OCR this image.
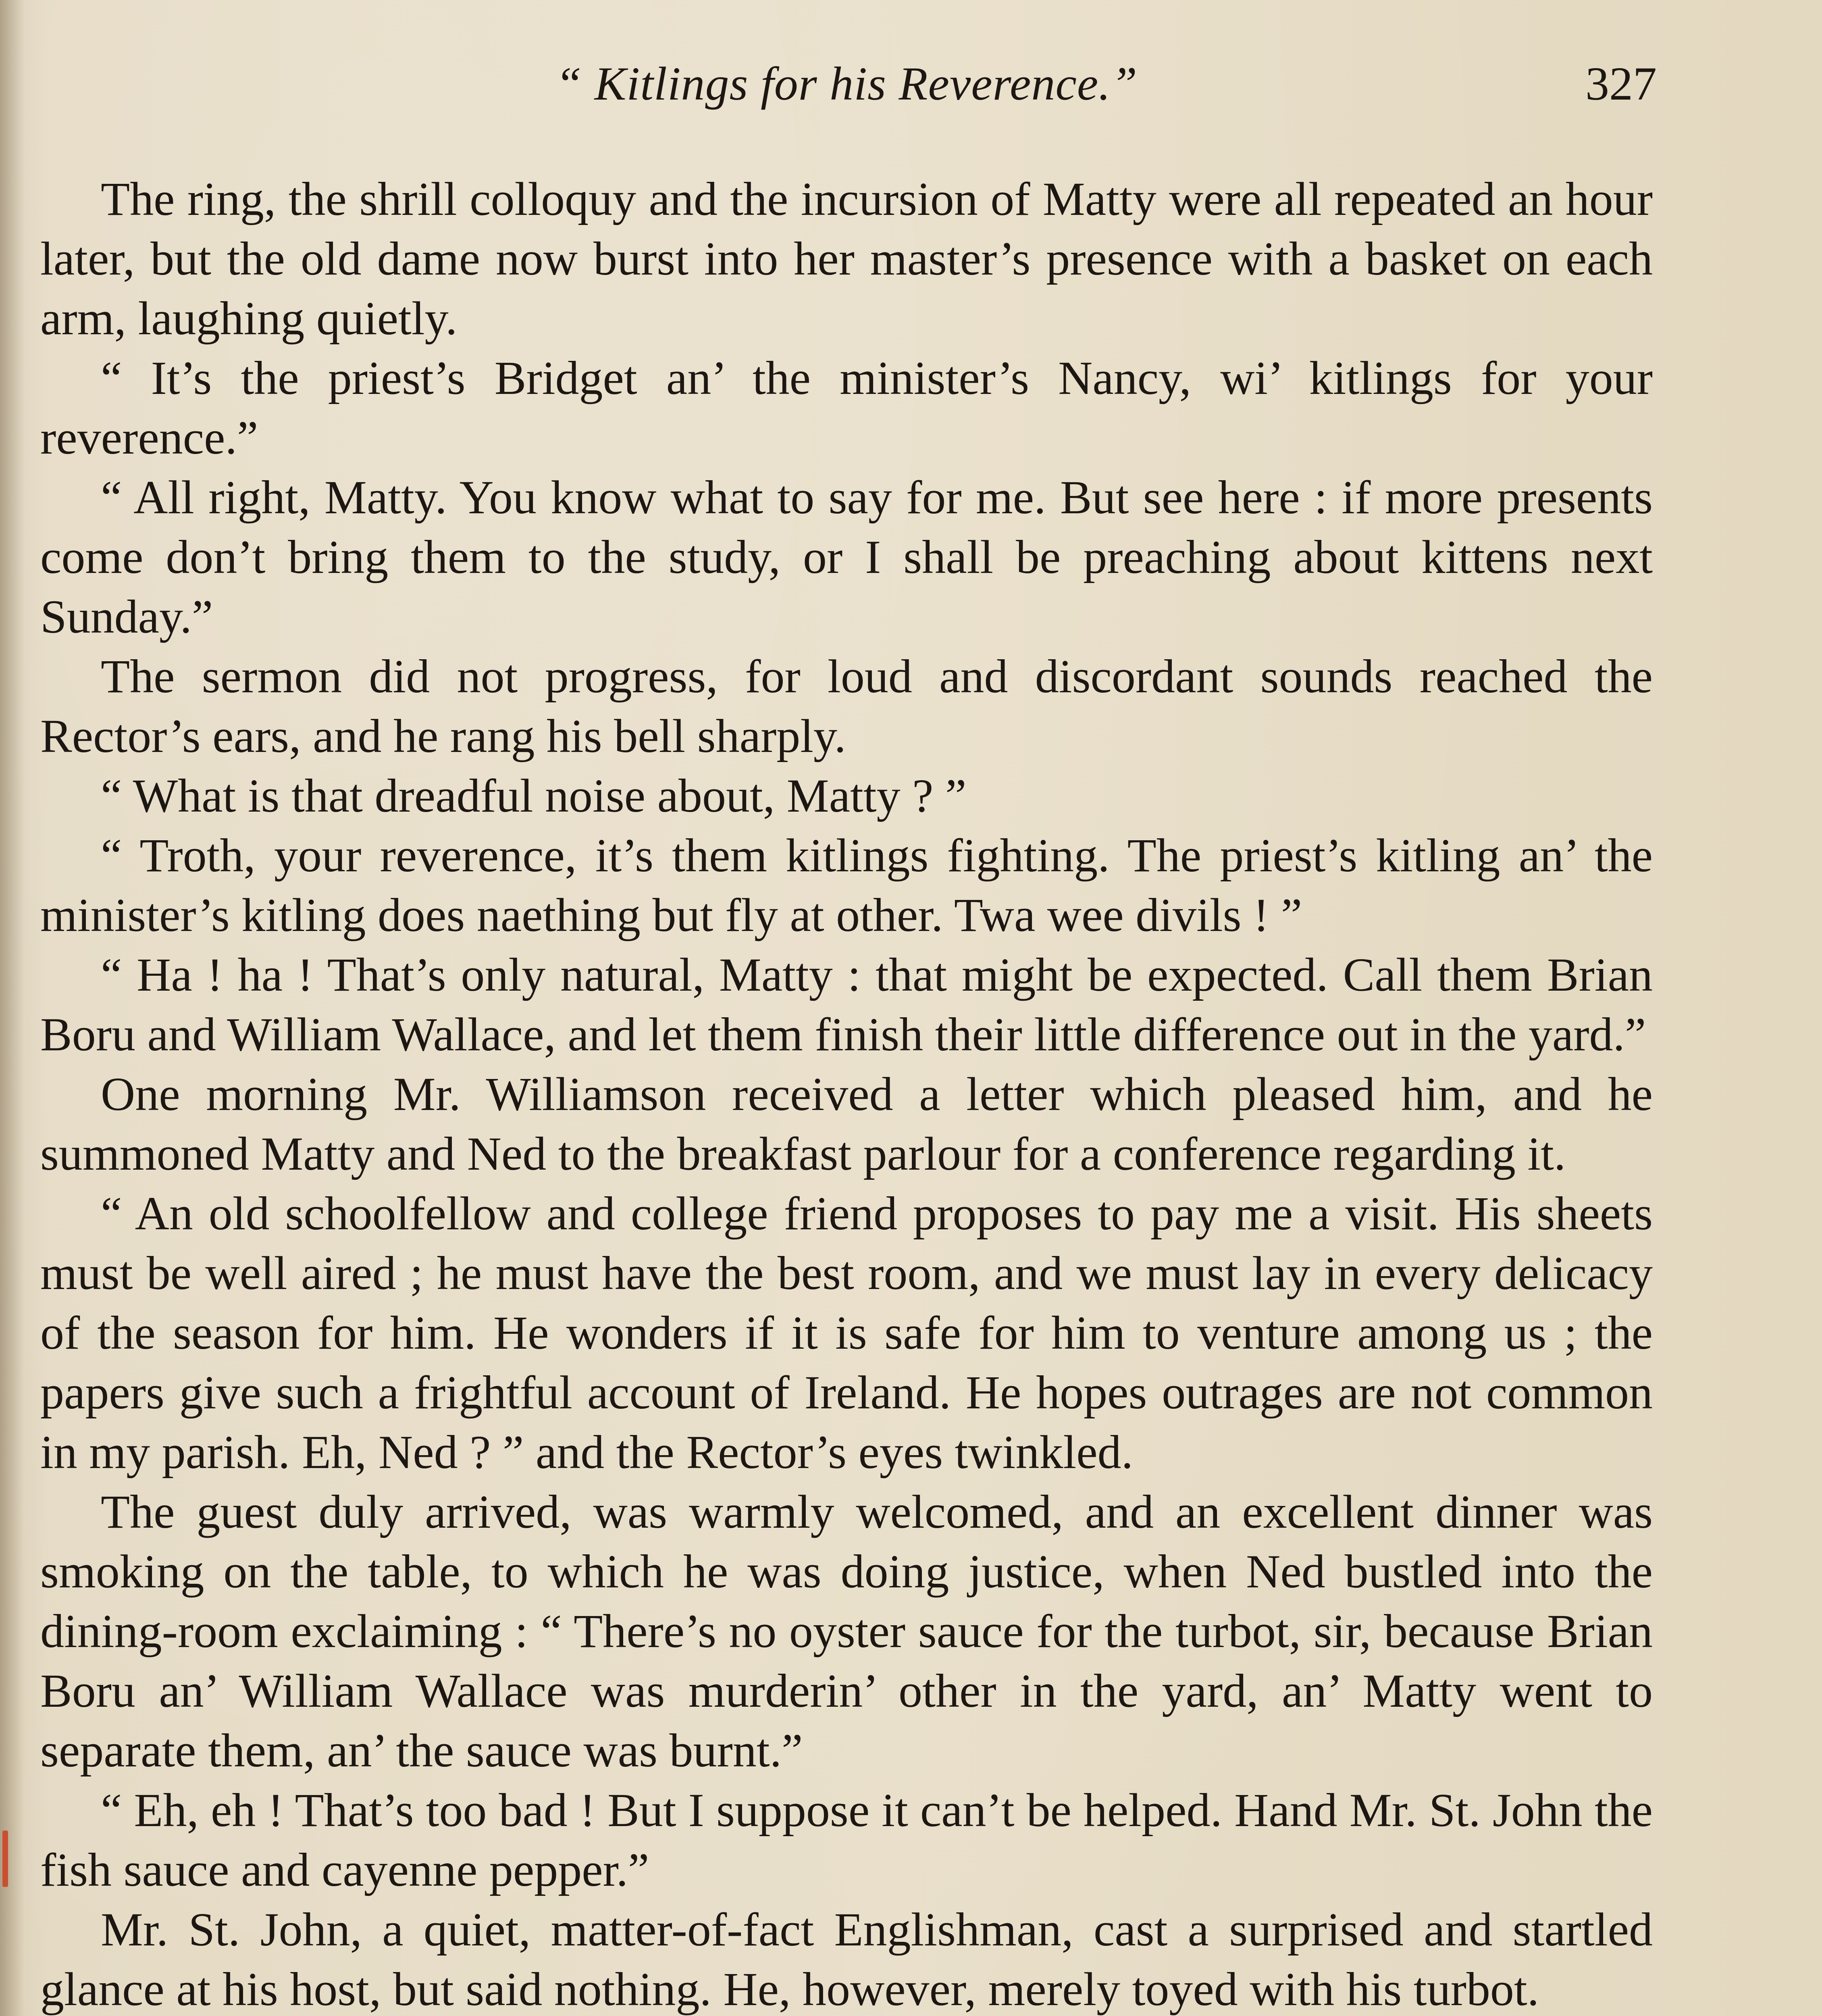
“ Kitlings for his Reverence.”	327

The ring, the shrill colloquy and the incursion of Matty were all repeated an hour later, but the old dame now burst into her master’s presence with a basket on each arm, laughing quietly.

“ It’s the priest’s Bridget an’ the minister’s Nancy, wi’ kitlings for your reverence.”

“ All right, Matty. You know what to say for me. But see here : if more presents come don’t bring them to the study, or I shall be preaching about kittens next Sunday.”

The sermon did not progress, for loud and discordant sounds reached the Rector’s ears, and he rang his bell sharply.

“ What is that dreadful noise about, Matty ? ”

“ Troth, your reverence, it’s them kitlings fighting. The priest’s kitling an’ the minister’s kitling does naething but fly at other. Twa wee divils ! ”

“ Ha ! ha ! That’s only natural, Matty : that might be expected. Call them Brian Boru and William Wallace, and let them finish their little difference out in the yard.”

One morning Mr. Williamson received a letter which pleased him, and he summoned Matty and Ned to the breakfast parlour for a conference regarding it.

“ An old schoolfellow and college friend proposes to pay me a visit. His sheets must be well aired ; he must have the best room, and we must lay in every delicacy of the season for him. He wonders if it is safe for him to venture among us ; the papers give such a frightful account of Ireland. He hopes outrages are not common in my parish. Eh, Ned ? ” and the Rector’s eyes twinkled.

The guest duly arrived, was warmly welcomed, and an excellent dinner was smoking on the table, to which he was doing justice, when Ned bustled into the dining-room exclaiming : “ There’s no oyster sauce for the turbot, sir, because Brian Boru an’ William Wallace was murderin’ other in the yard, an’ Matty went to separate them, an’ the sauce was burnt.”

“ Eh, eh ! That’s too bad ! But I suppose it can’t be helped. Hand Mr. St. John the fish sauce and cayenne pepper.”

Mr. St. John, a quiet, matter-of-fact Englishman, cast a surprised and startled glance at his host, but said nothing. He, however, merely toyed with his turbot.
